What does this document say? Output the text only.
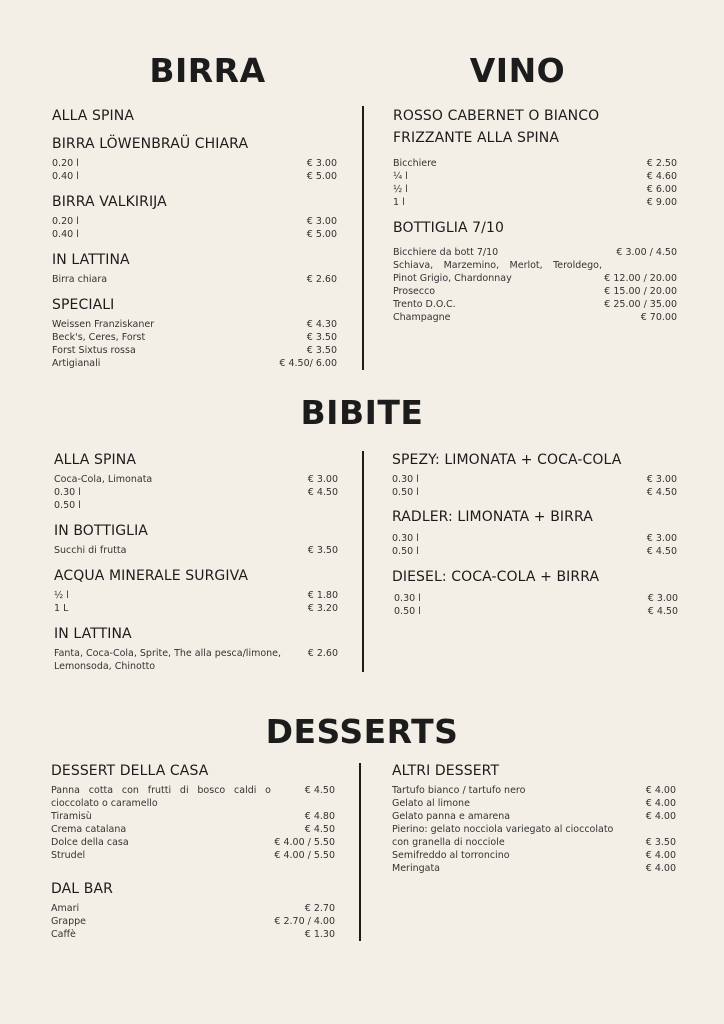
BIRRA
ALLA SPINA
BIRRA LÖWENBRAÜ CHIARA
0.20 l	€ 3.00
0.40 l	€ 5.00
BIRRA VALKIRIJA
0.20 l	€ 3.00
0.40 l	€ 5.00
IN LATTINA
Birra chiara	€ 2.60
SPECIALI
Weissen Franziskaner	€ 4.30
Beck's, Ceres, Forst	€ 3.50
Forst Sixtus rossa	€ 3.50
Artigianali	€ 4.50/ 6.00
VINO
ROSSO CABERNET O BIANCO
FRIZZANTE ALLA SPINA
Bicchiere	€ 2.50
¼ l	€ 4.60
½ l	€ 6.00
1 l	€ 9.00
BOTTIGLIA 7/10
Bicchiere da bott 7/10	€ 3.00 / 4.50
Schiava, Marzemino, Merlot, Teroldego,
Pinot Grigio, Chardonnay	€ 12.00 / 20.00
Prosecco	€ 15.00 / 20.00
Trento D.O.C.	€ 25.00 / 35.00
Champagne	€ 70.00
BIBITE
ALLA SPINA
Coca-Cola, Limonata	€ 3.00
0.30 l	€ 4.50
0.50 l
IN BOTTIGLIA
Succhi di frutta	€ 3.50
ACQUA MINERALE SURGIVA
½ l	€ 1.80
1 L	€ 3.20
IN LATTINA
Fanta, Coca-Cola, Sprite, The alla pesca/limone,	€ 2.60
Lemonsoda, Chinotto
SPEZY: LIMONATA + COCA-COLA
0.30 l	€ 3.00
0.50 l	€ 4.50
RADLER: LIMONATA + BIRRA
0.30 l	€ 3.00
0.50 l	€ 4.50
DIESEL: COCA-COLA + BIRRA
0.30 l	€ 3.00
0.50 l	€ 4.50
DESSERTS
DESSERT DELLA CASA
Panna cotta con frutti di bosco caldi o	€ 4.50
cioccolato o caramello
Tiramisù	€ 4.80
Crema catalana	€ 4.50
Dolce della casa	€ 4.00 / 5.50
Strudel	€ 4.00 / 5.50
DAL BAR
Amari	€ 2.70
Grappe	€ 2.70 / 4.00
Caffè	€ 1.30
ALTRI DESSERT
Tartufo bianco / tartufo nero	€ 4.00
Gelato al limone	€ 4.00
Gelato panna e amarena	€ 4.00
Pierino: gelato nocciola variegato al cioccolato
con granella di nocciole	€ 3.50
Semifreddo al torroncino	€ 4.00
Meringata	€ 4.00
